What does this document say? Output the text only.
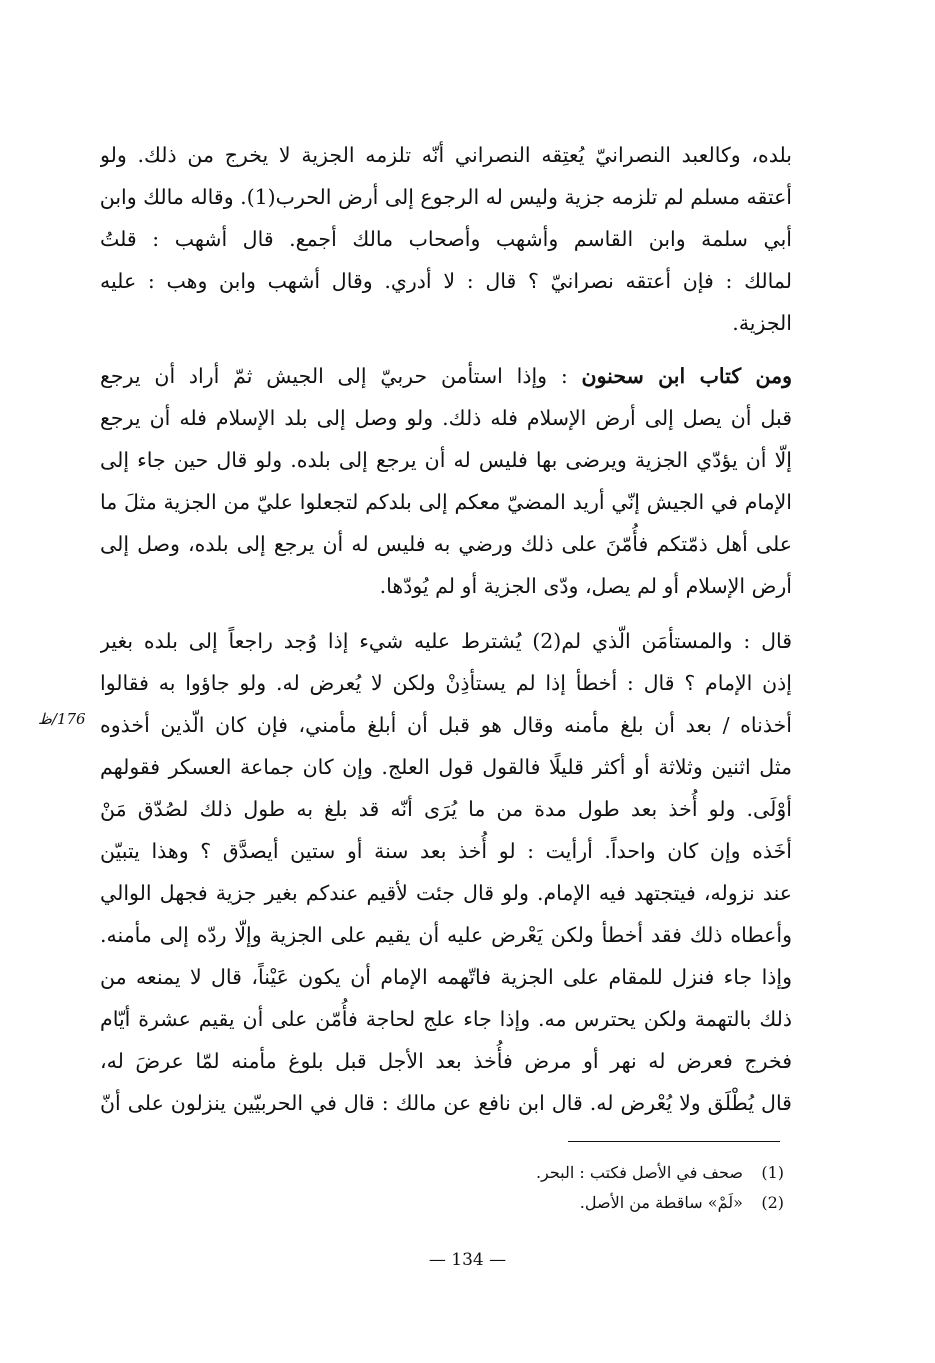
بلده، وكالعبد النصرانيّ يُعتِقه النصراني أنّه تلزمه الجزية لا يخرج من ذلك. ولو
أعتقه مسلم لم تلزمه جزية وليس له الرجوع إلى أرض الحرب(1). وقاله مالك وابن
أبي سلمة وابن القاسم وأشهب وأصحاب مالك أجمع. قال أشهب : قلتُ
لمالك : فإن أعتقه نصرانيّ ؟ قال : لا أدري. وقال أشهب وابن وهب : عليه
الجزية.
ومن كتاب ابن سحنون : وإذا استأمن حربيّ إلى الجيش ثمّ أراد أن يرجع
قبل أن يصل إلى أرض الإسلام فله ذلك. ولو وصل إلى بلد الإسلام فله أن يرجع
إلّا أن يؤدّي الجزية ويرضى بها فليس له أن يرجع إلى بلده. ولو قال حين جاء إلى
الإمام في الجيش إنّي أريد المضيّ معكم إلى بلدكم لتجعلوا عليّ من الجزية مثلَ ما
على أهل ذمّتكم فأُمّنَ على ذلك ورضي به فليس له أن يرجع إلى بلده، وصل إلى
أرض الإسلام أو لم يصل، ودّى الجزية أو لم يُودّها.
قال : والمستأمَن الّذي لم(2) يُشترط عليه شيء إذا وُجد راجعاً إلى بلده بغير
إذن الإمام ؟ قال : أخطأ إذا لم يستأذِنْ ولكن لا يُعرض له. ولو جاؤوا به فقالوا
أخذناه / بعد أن بلغ مأمنه وقال هو قبل أن أبلغ مأمني، فإن كان الّذين أخذوه
مثل اثنين وثلاثة أو أكثر قليلًا فالقول قول العلج. وإن كان جماعة العسكر فقولهم
أوْلَى. ولو أُخذ بعد طول مدة من ما يُرَى أنّه قد بلغ به طول ذلك لصُدّق مَنْ
أخَذه وإن كان واحداً. أرأيت : لو أُخذ بعد سنة أو ستين أيصدَّق ؟ وهذا يتبيّن
عند نزوله، فيتجتهد فيه الإمام. ولو قال جئت لأقيم عندكم بغير جزية فجهل الوالي
وأعطاه ذلك فقد أخطأ ولكن يَعْرض عليه أن يقيم على الجزية وإلّا ردّه إلى مأمنه.
وإذا جاء فنزل للمقام على الجزية فاتّهمه الإمام أن يكون عَيْناً، قال لا يمنعه من
ذلك بالتهمة ولكن يحترس مه. وإذا جاء علج لحاجة فأُمّن على أن يقيم عشرة أيّام
فخرج فعرض له نهر أو مرض فأُخذ بعد الأجل قبل بلوغ مأمنه لمّا عرضَ له،
قال يُطْلَق ولا يُعْرض له. قال ابن نافع عن مالك : قال في الحربيّين ينزلون على أنّ
176/ظ
(1) صحف في الأصل فكتب : البحر.
(2) «لَمْ» ساقطة من الأصل.
— 134 —
